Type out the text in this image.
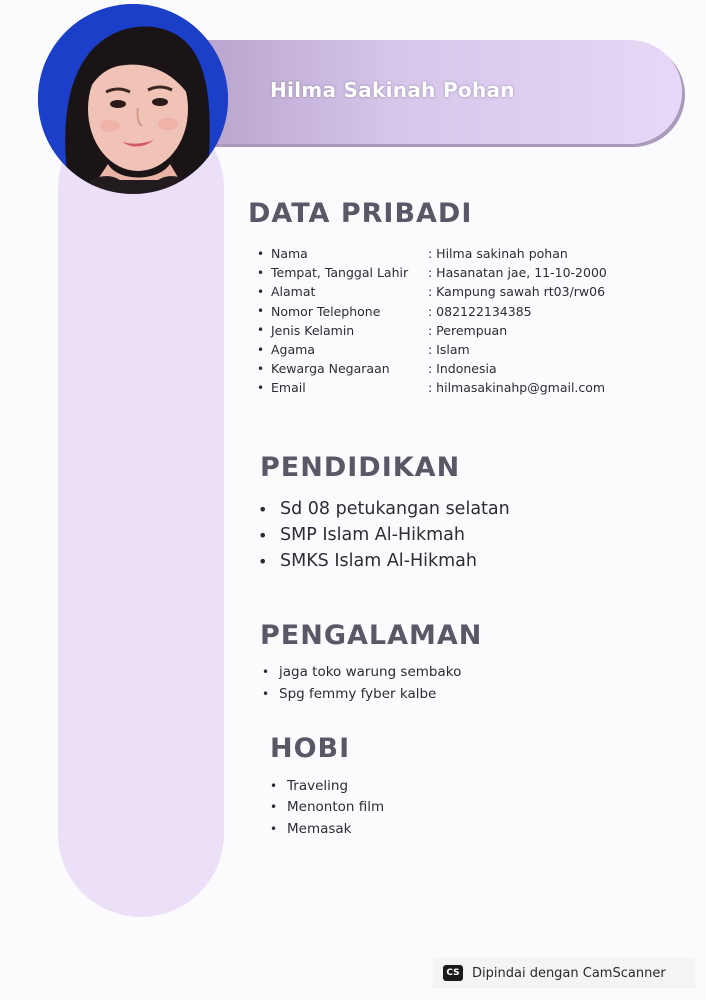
Hilma Sakinah Pohan
DATA PRIBADI
• Nama	: Hilma sakinah pohan
• Tempat, Tanggal Lahir	: Hasanatan jae, 11-10-2000
• Alamat	: Kampung sawah rt03/rw06
• Nomor Telephone	: 082122134385
• Jenis Kelamin	: Perempuan
• Agama	: Islam
• Kewarga Negaraan	: Indonesia
• Email	: hilmasakinahp@gmail.com
PENDIDIKAN
• Sd 08 petukangan selatan
• SMP Islam Al-Hikmah
• SMKS Islam Al-Hikmah
PENGALAMAN
• jaga toko warung sembako
• Spg femmy fyber kalbe
HOBI
• Traveling
• Menonton film
• Memasak
CS Dipindai dengan CamScanner
